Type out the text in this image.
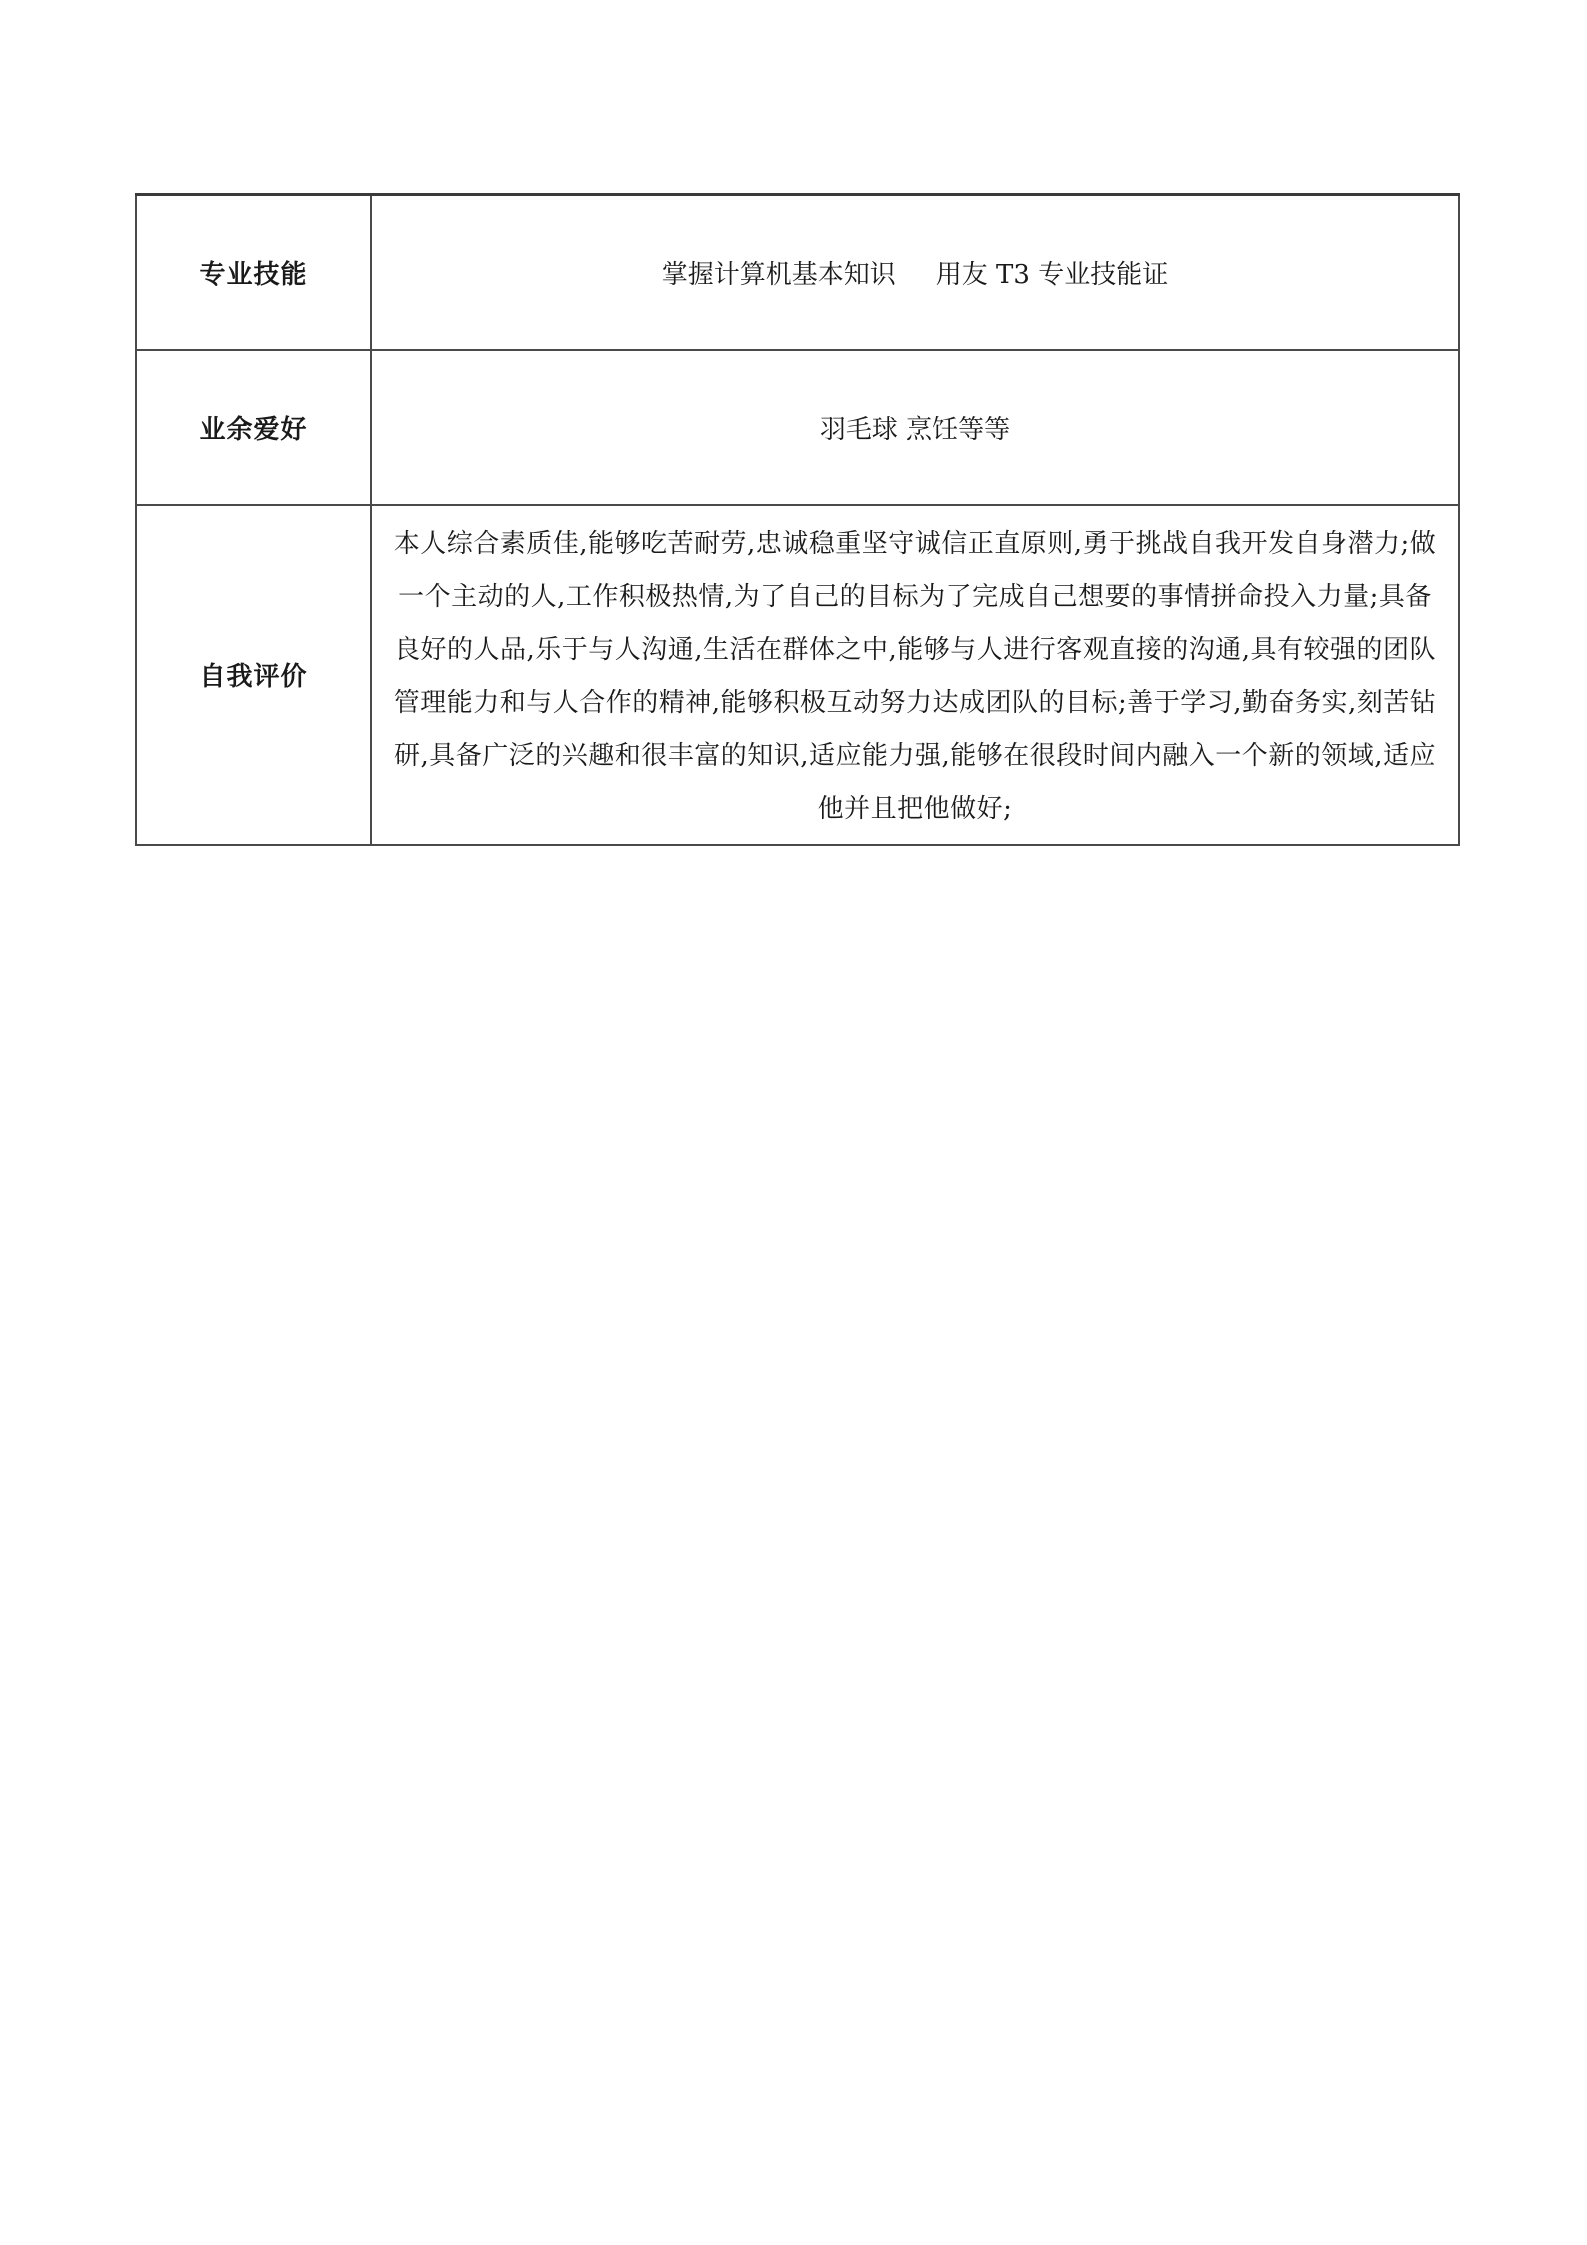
专业技能	掌握计算机基本知识 用友 T3 专业技能证
业余爱好	羽毛球 烹饪等等
自我评价	本人综合素质佳,能够吃苦耐劳,忠诚稳重坚守诚信正直原则,勇于挑战自我开发自身潜力;做一个主动的人,工作积极热情,为了自己的目标为了完成自己想要的事情拼命投入力量;具备良好的人品,乐于与人沟通,生活在群体之中,能够与人进行客观直接的沟通,具有较强的团队管理能力和与人合作的精神,能够积极互动努力达成团队的目标;善于学习,勤奋务实,刻苦钻研,具备广泛的兴趣和很丰富的知识,适应能力强,能够在很段时间内融入一个新的领域,适应他并且把他做好;
